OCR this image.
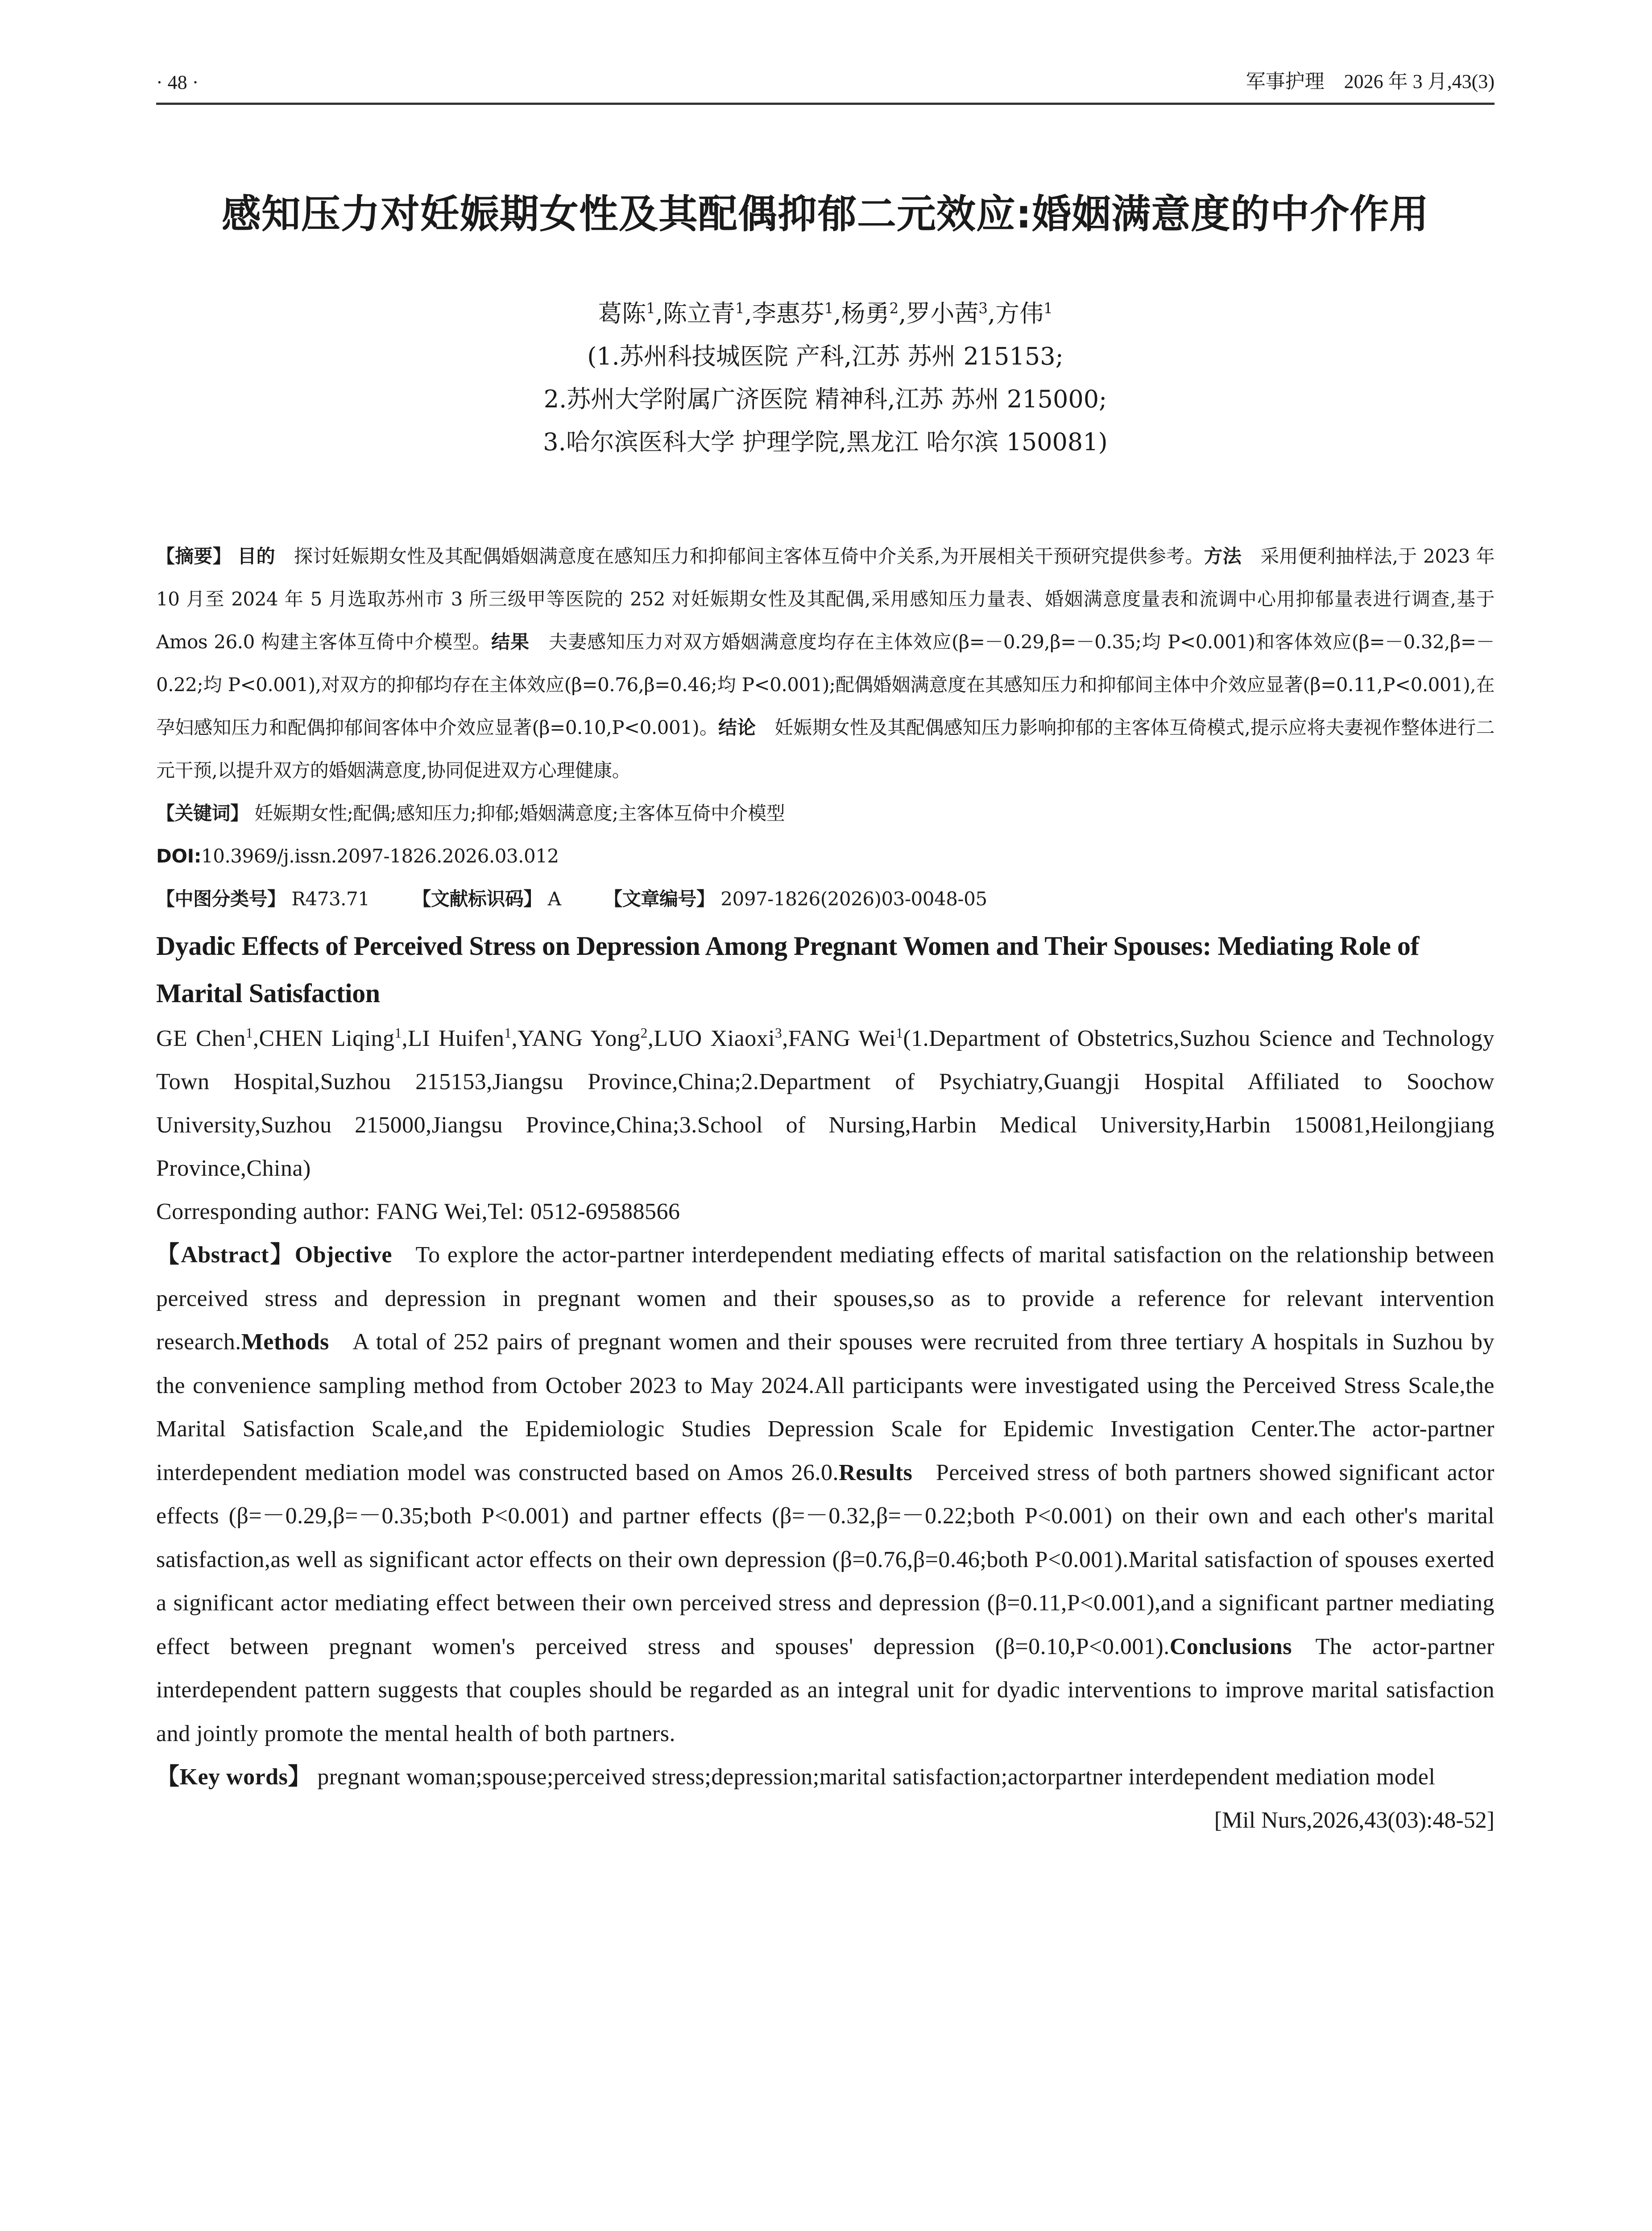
· 48 ·	军事护理　2026 年 3 月,43(3)
感知压力对妊娠期女性及其配偶抑郁二元效应:婚姻满意度的中介作用
葛陈$^1$,陈立青$^1$,李惠芬$^1$,杨勇$^2$,罗小茜$^3$,方伟$^1$
(1.苏州科技城医院 产科,江苏 苏州 215153;
2.苏州大学附属广济医院 精神科,江苏 苏州 215000;
3.哈尔滨医科大学 护理学院,黑龙江 哈尔滨 150081)
【摘要】 目的  探讨妊娠期女性及其配偶婚姻满意度在感知压力和抑郁间主客体互倚中介关系,为开展相关干预研究提供参考。方法  采用便利抽样法,于 2023 年 10 月至 2024 年 5 月选取苏州市 3 所三级甲等医院的 252 对妊娠期女性及其配偶,采用感知压力量表、婚姻满意度量表和流调中心用抑郁量表进行调查,基于 Amos 26.0 构建主客体互倚中介模型。结果  夫妻感知压力对双方婚姻满意度均存在主体效应(β=－0.29,β=－0.35;均 P<0.001)和客体效应(β=－0.32,β=－0.22;均 P<0.001),对双方的抑郁均存在主体效应(β=0.76,β=0.46;均 P<0.001);配偶婚姻满意度在其感知压力和抑郁间主体中介效应显著(β=0.11,P<0.001),在孕妇感知压力和配偶抑郁间客体中介效应显著(β=0.10,P<0.001)。结论  妊娠期女性及其配偶感知压力影响抑郁的主客体互倚模式,提示应将夫妻视作整体进行二元干预,以提升双方的婚姻满意度,协同促进双方心理健康。
【关键词】 妊娠期女性;配偶;感知压力;抑郁;婚姻满意度;主客体互倚中介模型
DOI:10.3969/j.issn.2097-1826.2026.03.012
【中图分类号】 R473.71   【文献标识码】 A   【文章编号】 2097-1826(2026)03-0048-05
Dyadic Effects of Perceived Stress on Depression Among Pregnant Women and Their Spouses: Mediating Role of Marital Satisfaction
GE Chen$^1$,CHEN Liqing$^1$,LI Huifen$^1$,YANG Yong$^2$,LUO Xiaoxi$^3$,FANG Wei$^1$(1.Department of Obstetrics,Suzhou Science and Technology Town Hospital,Suzhou 215153,Jiangsu Province,China;2.Department of Psychiatry,Guangji Hospital Affiliated to Soochow University,Suzhou 215000,Jiangsu Province,China;3.School of Nursing,Harbin Medical University,Harbin 150081,Heilongjiang Province,China)
Corresponding author: FANG Wei,Tel: 0512-69588566
【Abstract】Objective  To explore the actor-partner interdependent mediating effects of marital satisfaction on the relationship between perceived stress and depression in pregnant women and their spouses,so as to provide a reference for relevant intervention research.Methods  A total of 252 pairs of pregnant women and their spouses were recruited from three tertiary A hospitals in Suzhou by the convenience sampling method from October 2023 to May 2024.All participants were investigated using the Perceived Stress Scale,the Marital Satisfaction Scale,and the Epidemiologic Studies Depression Scale for Epidemic Investigation Center.The actor-partner interdependent mediation model was constructed based on Amos 26.0.Results  Perceived stress of both partners showed significant actor effects (β=－0.29,β=－0.35;both P<0.001) and partner effects (β=－0.32,β=－0.22;both P<0.001) on their own and each other's marital satisfaction,as well as significant actor effects on their own depression (β=0.76,β=0.46;both P<0.001).Marital satisfaction of spouses exerted a significant actor mediating effect between their own perceived stress and depression (β=0.11,P<0.001),and a significant partner mediating effect between pregnant women's perceived stress and spouses' depression (β=0.10,P<0.001).Conclusions  The actor-partner interdependent pattern suggests that couples should be regarded as an integral unit for dyadic interventions to improve marital satisfaction and jointly promote the mental health of both partners.
【Key words】 pregnant woman;spouse;perceived stress;depression;marital satisfaction;actorpartner interdependent mediation model
[Mil Nurs,2026,43(03):48-52]
